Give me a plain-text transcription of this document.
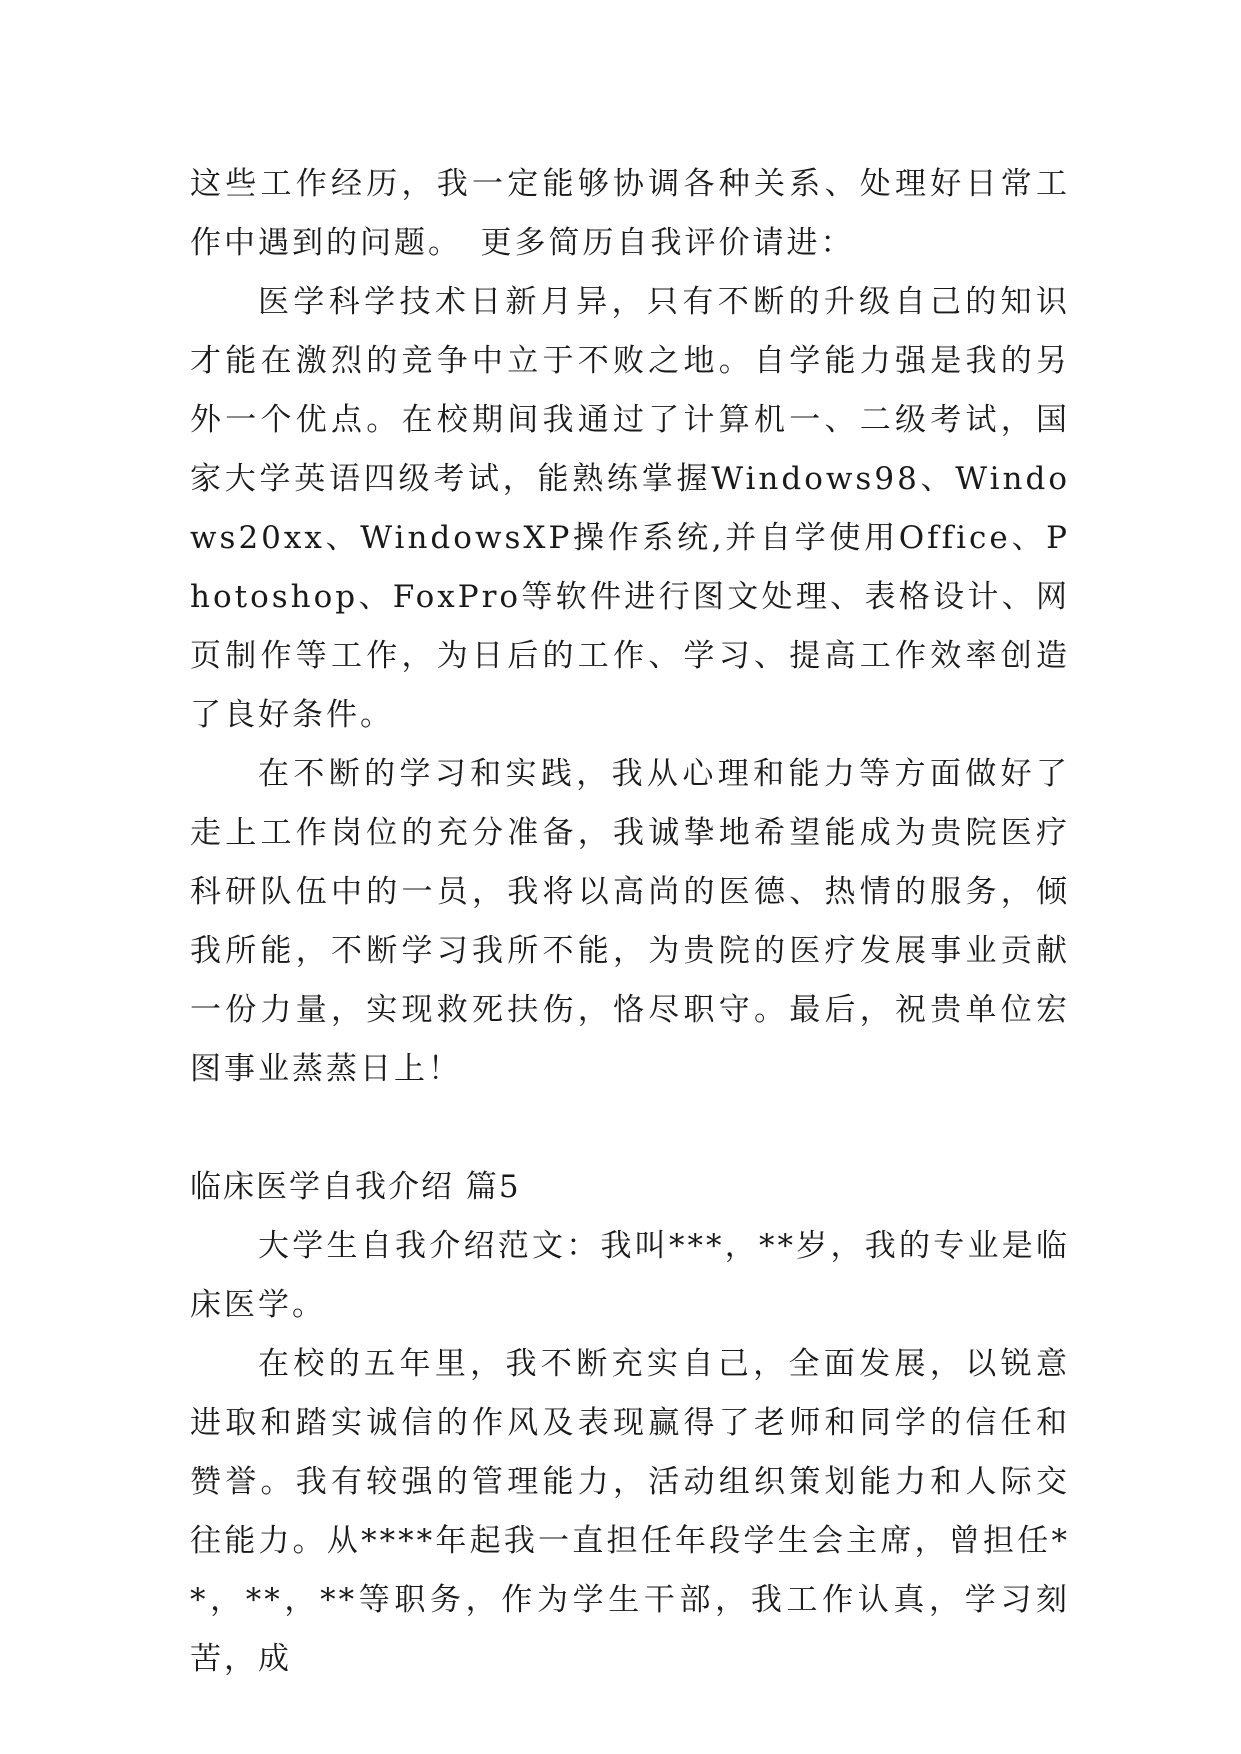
这些工作经历，我一定能够协调各种关系、处理好日常工作中遇到的问题。　更多简历自我评价请进：

医学科学技术日新月异，只有不断的升级自己的知识才能在激烈的竞争中立于不败之地。自学能力强是我的另外一个优点。在校期间我通过了计算机一、二级考试，国家大学英语四级考试，能熟练掌握Windows98、Windows20xx、WindowsXP操作系统,并自学使用Office、Photoshop、FoxPro等软件进行图文处理、表格设计、网页制作等工作，为日后的工作、学习、提高工作效率创造了良好条件。

在不断的学习和实践，我从心理和能力等方面做好了走上工作岗位的充分准备，我诚挚地希望能成为贵院医疗科研队伍中的一员，我将以高尚的医德、热情的服务，倾我所能，不断学习我所不能，为贵院的医疗发展事业贡献一份力量，实现救死扶伤，恪尽职守。最后，祝贵单位宏图事业蒸蒸日上！

临床医学自我介绍 篇5

大学生自我介绍范文：我叫***，**岁，我的专业是临床医学。

在校的五年里，我不断充实自己，全面发展，以锐意进取和踏实诚信的作风及表现赢得了老师和同学的信任和赞誉。我有较强的管理能力，活动组织策划能力和人际交往能力。从****年起我一直担任年段学生会主席，曾担任**，**，**等职务，作为学生干部，我工作认真，学习刻苦，成
